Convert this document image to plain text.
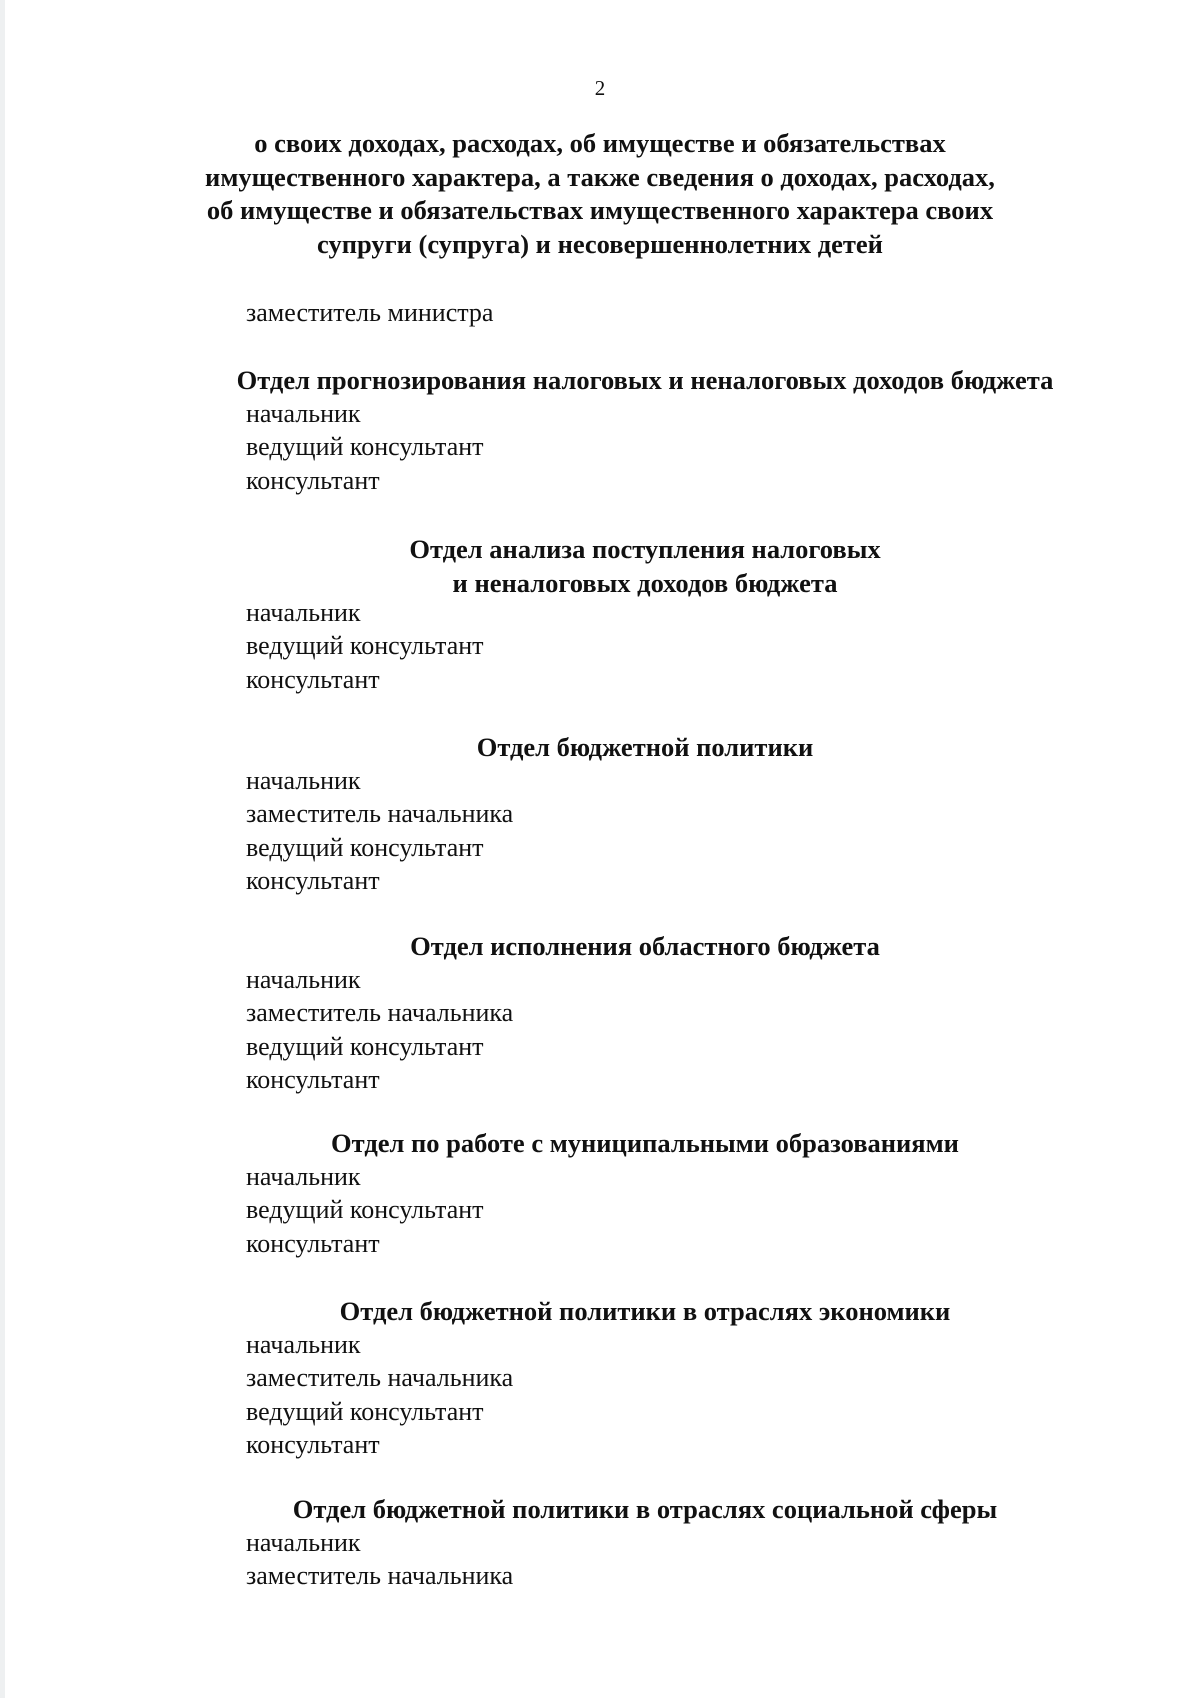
2
о своих доходах, расходах, об имуществе и обязательствах
имущественного характера, а также сведения о доходах, расходах,
об имуществе и обязательствах имущественного характера своих
супруги (супруга) и несовершеннолетних детей
заместитель министра
Отдел прогнозирования налоговых и неналоговых доходов бюджета
начальник
ведущий консультант
консультант
Отдел анализа поступления налоговых
и неналоговых доходов бюджета
начальник
ведущий консультант
консультант
Отдел бюджетной политики
начальник
заместитель начальника
ведущий консультант
консультант
Отдел исполнения областного бюджета
начальник
заместитель начальника
ведущий консультант
консультант
Отдел по работе с муниципальными образованиями
начальник
ведущий консультант
консультант
Отдел бюджетной политики в отраслях экономики
начальник
заместитель начальника
ведущий консультант
консультант
Отдел бюджетной политики в отраслях социальной сферы
начальник
заместитель начальника
